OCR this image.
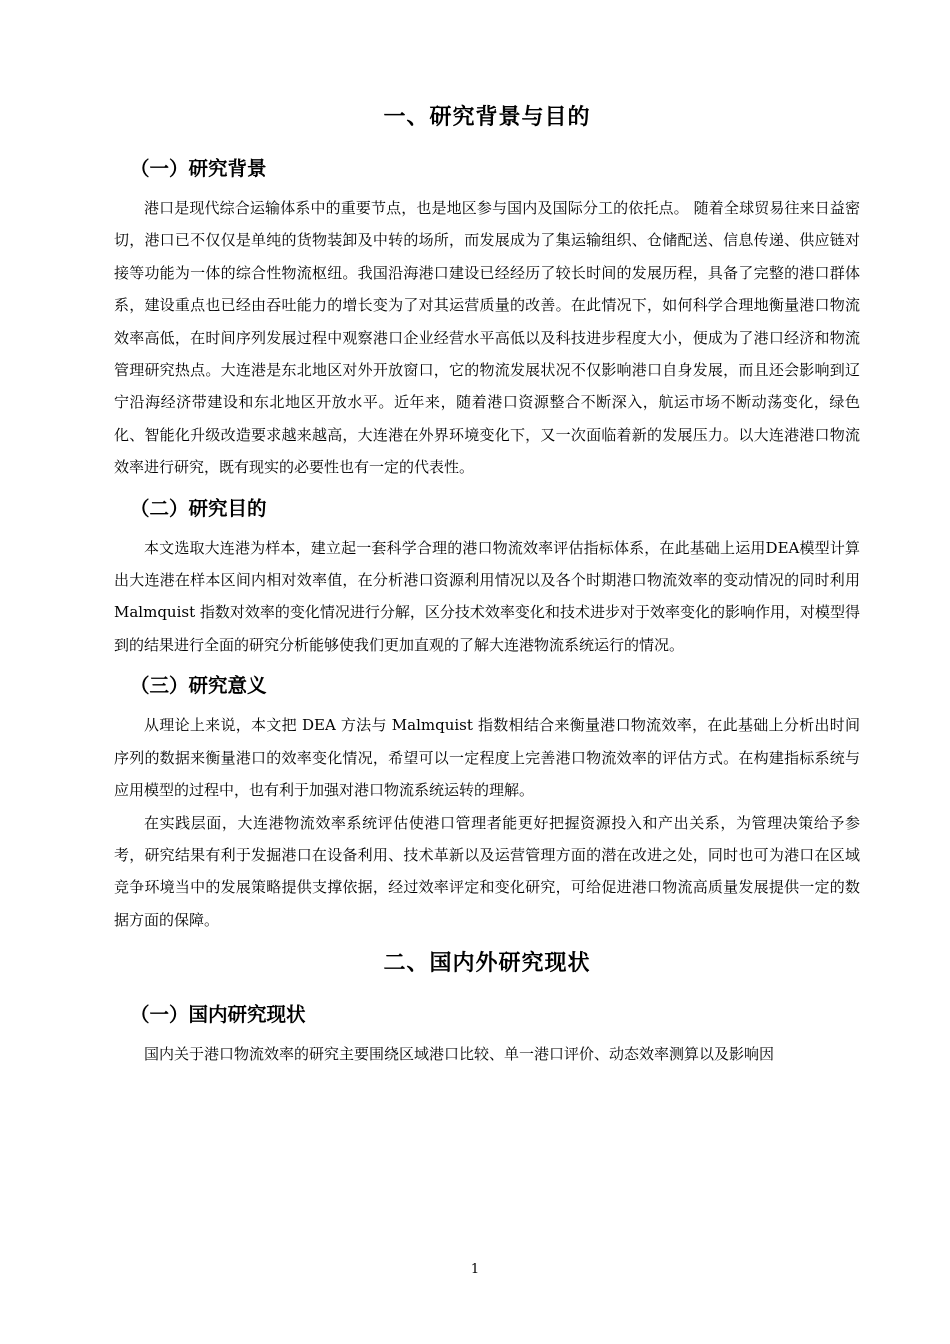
一、研究背景与目的
（一）研究背景

港口是现代综合运输体系中的重要节点，也是地区参与国内及国际分工的依托点。 随着全球贸易往来日益密切，港口已不仅仅是单纯的货物装卸及中转的场所，而发展成为了集运输组织、仓储配送、信息传递、供应链对接等功能为一体的综合性物流枢纽。我国沿海港口建设已经经历了较长时间的发展历程，具备了完整的港口群体系，建设重点也已经由吞吐能力的增长变为了对其运营质量的改善。在此情况下，如何科学合理地衡量港口物流效率高低，在时间序列发展过程中观察港口企业经营水平高低以及科技进步程度大小，便成为了港口经济和物流管理研究热点。大连港是东北地区对外开放窗口，它的物流发展状况不仅影响港口自身发展，而且还会影响到辽宁沿海经济带建设和东北地区开放水平。近年来，随着港口资源整合不断深入，航运市场不断动荡变化，绿色化、智能化升级改造要求越来越高，大连港在外界环境变化下，又一次面临着新的发展压力。以大连港港口物流效率进行研究，既有现实的必要性也有一定的代表性。

（二）研究目的

本文选取大连港为样本，建立起一套科学合理的港口物流效率评估指标体系，在此基础上运用DEA模型计算出大连港在样本区间内相对效率值，在分析港口资源利用情况以及各个时期港口物流效率的变动情况的同时利用 Malmquist 指数对效率的变化情况进行分解，区分技术效率变化和技术进步对于效率变化的影响作用，对模型得到的结果进行全面的研究分析能够使我们更加直观的了解大连港物流系统运行的情况。

（三）研究意义

从理论上来说，本文把 DEA 方法与 Malmquist 指数相结合来衡量港口物流效率，在此基础上分析出时间序列的数据来衡量港口的效率变化情况，希望可以一定程度上完善港口物流效率的评估方式。在构建指标系统与应用模型的过程中，也有利于加强对港口物流系统运转的理解。

在实践层面，大连港物流效率系统评估使港口管理者能更好把握资源投入和产出关系，为管理决策给予参考，研究结果有利于发掘港口在设备利用、技术革新以及运营管理方面的潜在改进之处，同时也可为港口在区域竞争环境当中的发展策略提供支撑依据，经过效率评定和变化研究，可给促进港口物流高质量发展提供一定的数据方面的保障。

二、国内外研究现状
（一）国内研究现状

国内关于港口物流效率的研究主要围绕区域港口比较、单一港口评价、动态效率测算以及影响因

1
